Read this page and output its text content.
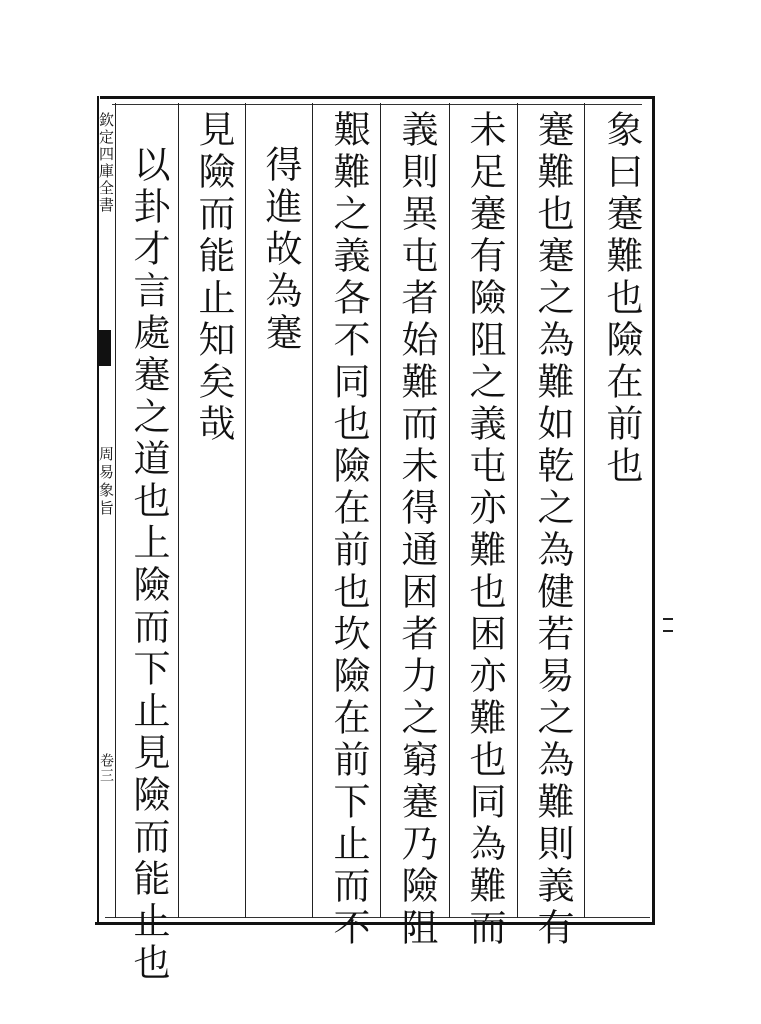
欽定四庫全書
周易象旨
卷三
象曰蹇難也險在前也
蹇難也蹇之為難如乾之為健若易之為難則義有
未足蹇有險阻之義屯亦難也困亦難也同為難而
義則異屯者始難而未得通困者力之窮蹇乃險阻
艱難之義各不同也險在前也坎險在前下止而不
得進故為蹇
見險而能止知矣哉
以卦才言處蹇之道也上險而下止見險而能止也
